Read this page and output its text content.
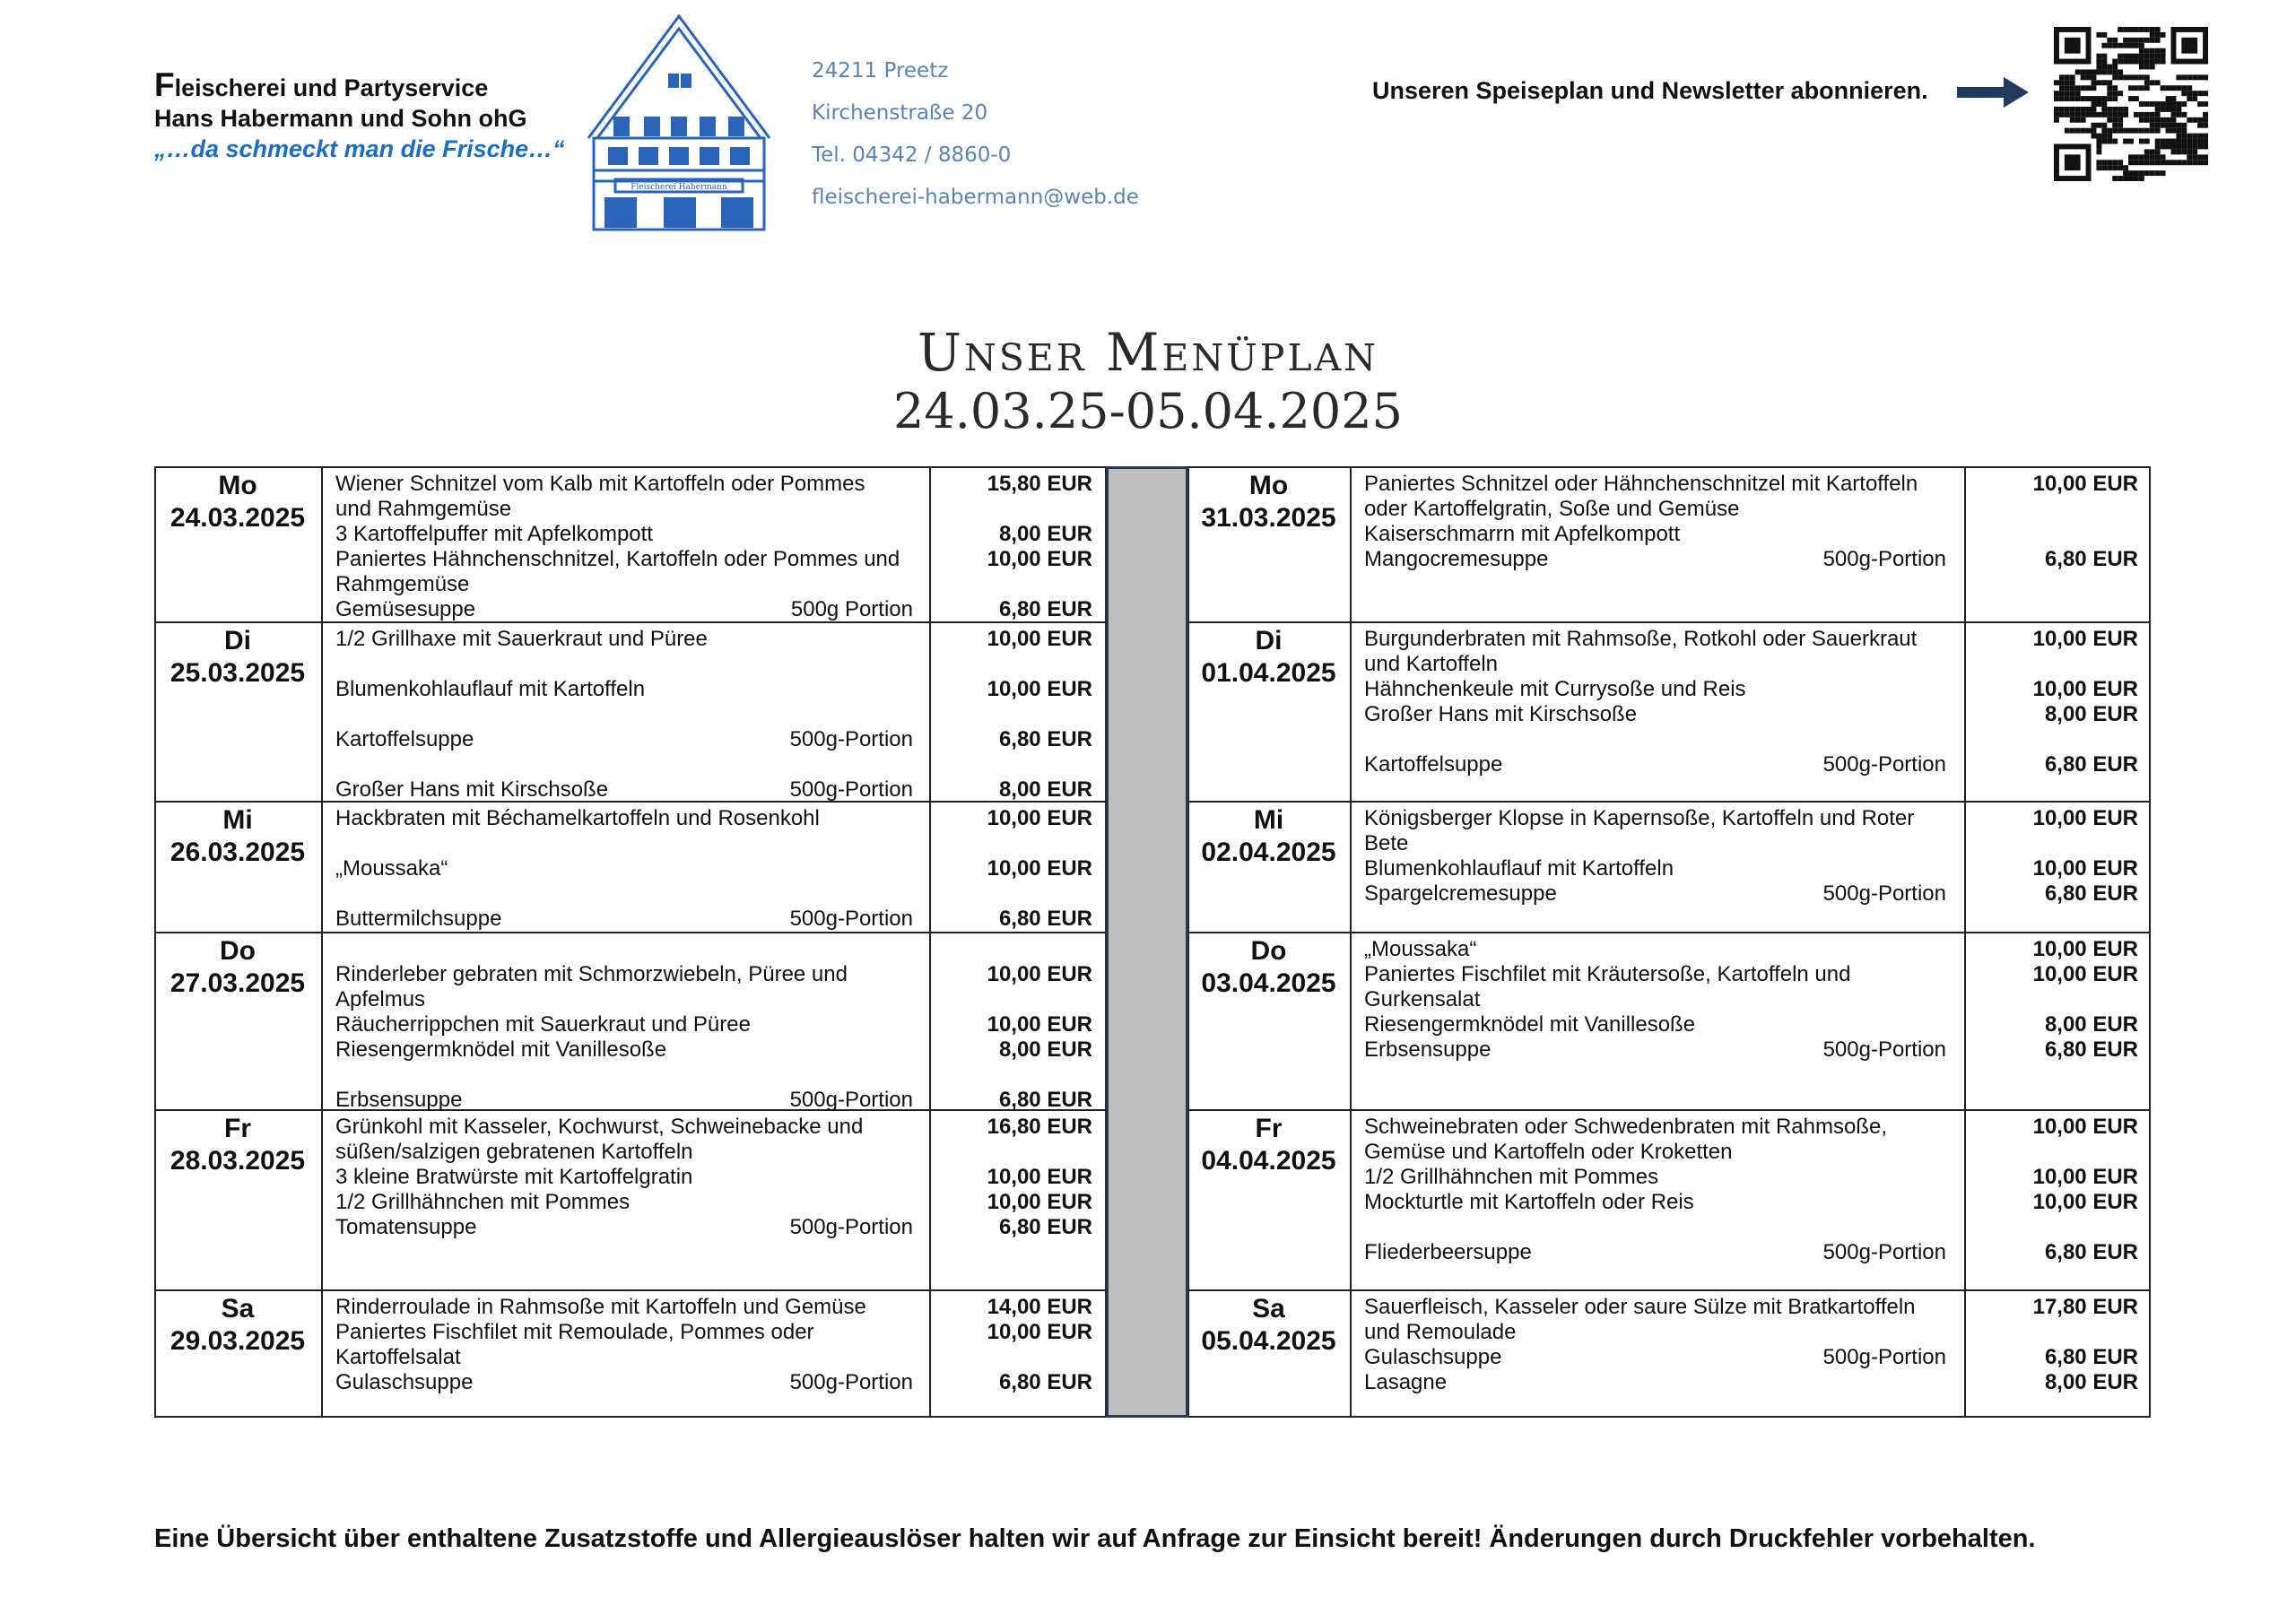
Fleischerei und Partyservice
Hans Habermann und Sohn ohG
„…da schmeckt man die Frische…“
Fleischerei Habermann
24211 Preetz
Kirchenstraße 20
Tel. 04342 / 8860-0
fleischerei-habermann@web.de
Unseren Speiseplan und Newsletter abonnieren.
Unser Menüplan
24.03.25-05.04.2025
Mo
24.03.2025
Wiener Schnitzel vom Kalb mit Kartoffeln oder Pommes	15,80 EUR
und Rahmgemüse
3 Kartoffelpuffer mit Apfelkompott	8,00 EUR
Paniertes Hähnchenschnitzel, Kartoffeln oder Pommes und	10,00 EUR
Rahmgemüse
Gemüsesuppe	500g Portion	6,80 EUR
Di
25.03.2025
1/2 Grillhaxe mit Sauerkraut und Püree	10,00 EUR
Blumenkohlauflauf mit Kartoffeln	10,00 EUR
Kartoffelsuppe	500g-Portion	6,80 EUR
Großer Hans mit Kirschsoße	500g-Portion	8,00 EUR
Mi
26.03.2025
Hackbraten mit Béchamelkartoffeln und Rosenkohl	10,00 EUR
„Moussaka“	10,00 EUR
Buttermilchsuppe	500g-Portion	6,80 EUR
Do
27.03.2025	Rinderleber gebraten mit Schmorzwiebeln, Püree und	10,00 EUR
Apfelmus
Räucherrippchen mit Sauerkraut und Püree	10,00 EUR
Riesengermknödel mit Vanillesoße	8,00 EUR
Erbsensuppe	500g-Portion	6,80 EUR
Fr
28.03.2025
Grünkohl mit Kasseler, Kochwurst, Schweinebacke und	16,80 EUR
süßen/salzigen gebratenen Kartoffeln
3 kleine Bratwürste mit Kartoffelgratin	10,00 EUR
1/2 Grillhähnchen mit Pommes	10,00 EUR
Tomatensuppe	500g-Portion	6,80 EUR
Sa
29.03.2025
Rinderroulade in Rahmsoße mit Kartoffeln und Gemüse	14,00 EUR
Paniertes Fischfilet mit Remoulade, Pommes oder	10,00 EUR
Kartoffelsalat
Gulaschsuppe	500g-Portion	6,80 EUR
Mo
31.03.2025
Paniertes Schnitzel oder Hähnchenschnitzel mit Kartoffeln	10,00 EUR
oder Kartoffelgratin, Soße und Gemüse
Kaiserschmarrn mit Apfelkompott
Mangocremesuppe	500g-Portion	6,80 EUR
Di
01.04.2025
Burgunderbraten mit Rahmsoße, Rotkohl oder Sauerkraut	10,00 EUR
und Kartoffeln
Hähnchenkeule mit Currysoße und Reis	10,00 EUR
Großer Hans mit Kirschsoße	8,00 EUR
Kartoffelsuppe	500g-Portion	6,80 EUR
Mi
02.04.2025
Königsberger Klopse in Kapernsoße, Kartoffeln und Roter	10,00 EUR
Bete
Blumenkohlauflauf mit Kartoffeln	10,00 EUR
Spargelcremesuppe	500g-Portion	6,80 EUR
Do
03.04.2025
„Moussaka“	10,00 EUR
Paniertes Fischfilet mit Kräutersoße, Kartoffeln und	10,00 EUR
Gurkensalat
Riesengermknödel mit Vanillesoße	8,00 EUR
Erbsensuppe	500g-Portion	6,80 EUR
Fr
04.04.2025
Schweinebraten oder Schwedenbraten mit Rahmsoße,	10,00 EUR
Gemüse und Kartoffeln oder Kroketten
1/2 Grillhähnchen mit Pommes	10,00 EUR
Mockturtle mit Kartoffeln oder Reis	10,00 EUR
Fliederbeersuppe	500g-Portion	6,80 EUR
Sa
05.04.2025
Sauerfleisch, Kasseler oder saure Sülze mit Bratkartoffeln	17,80 EUR
und Remoulade
Gulaschsuppe	500g-Portion	6,80 EUR
Lasagne	8,00 EUR
Eine Übersicht über enthaltene Zusatzstoffe und Allergieauslöser halten wir auf Anfrage zur Einsicht bereit! Änderungen durch Druckfehler vorbehalten.
